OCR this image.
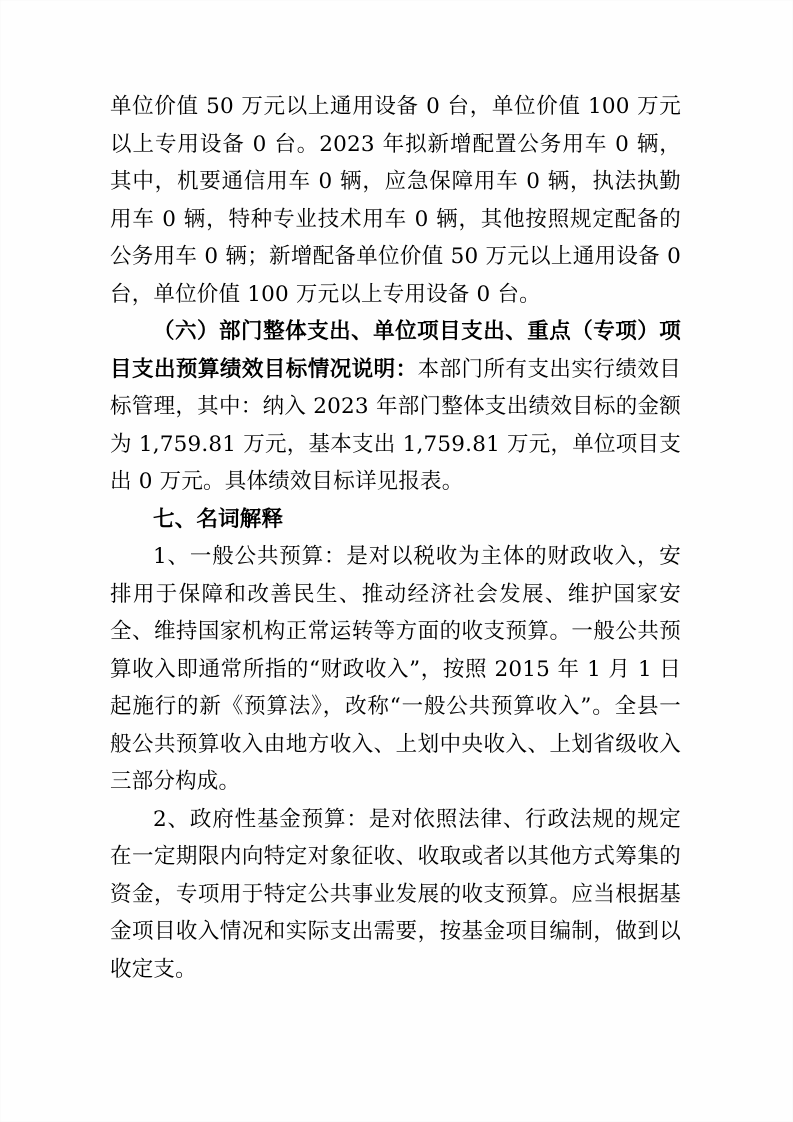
单位价值 50 万元以上通用设备 0 台，单位价值 100 万元以上专用设备 0 台。2023 年拟新增配置公务用车 0 辆，其中，机要通信用车 0 辆，应急保障用车 0 辆，执法执勤用车 0 辆，特种专业技术用车 0 辆，其他按照规定配备的公务用车 0 辆；新增配备单位价值 50 万元以上通用设备 0 台，单位价值 100 万元以上专用设备 0 台。

（六）部门整体支出、单位项目支出、重点（专项）项目支出预算绩效目标情况说明：本部门所有支出实行绩效目标管理，其中：纳入 2023 年部门整体支出绩效目标的金额为 1,759.81 万元，基本支出 1,759.81 万元，单位项目支出 0 万元。具体绩效目标详见报表。

七、名词解释

1、一般公共预算：是对以税收为主体的财政收入，安排用于保障和改善民生、推动经济社会发展、维护国家安全、维持国家机构正常运转等方面的收支预算。一般公共预算收入即通常所指的“财政收入”，按照 2015 年 1 月 1 日起施行的新《预算法》，改称“一般公共预算收入”。全县一般公共预算收入由地方收入、上划中央收入、上划省级收入三部分构成。

2、政府性基金预算：是对依照法律、行政法规的规定在一定期限内向特定对象征收、收取或者以其他方式筹集的资金，专项用于特定公共事业发展的收支预算。应当根据基金项目收入情况和实际支出需要，按基金项目编制，做到以收定支。
